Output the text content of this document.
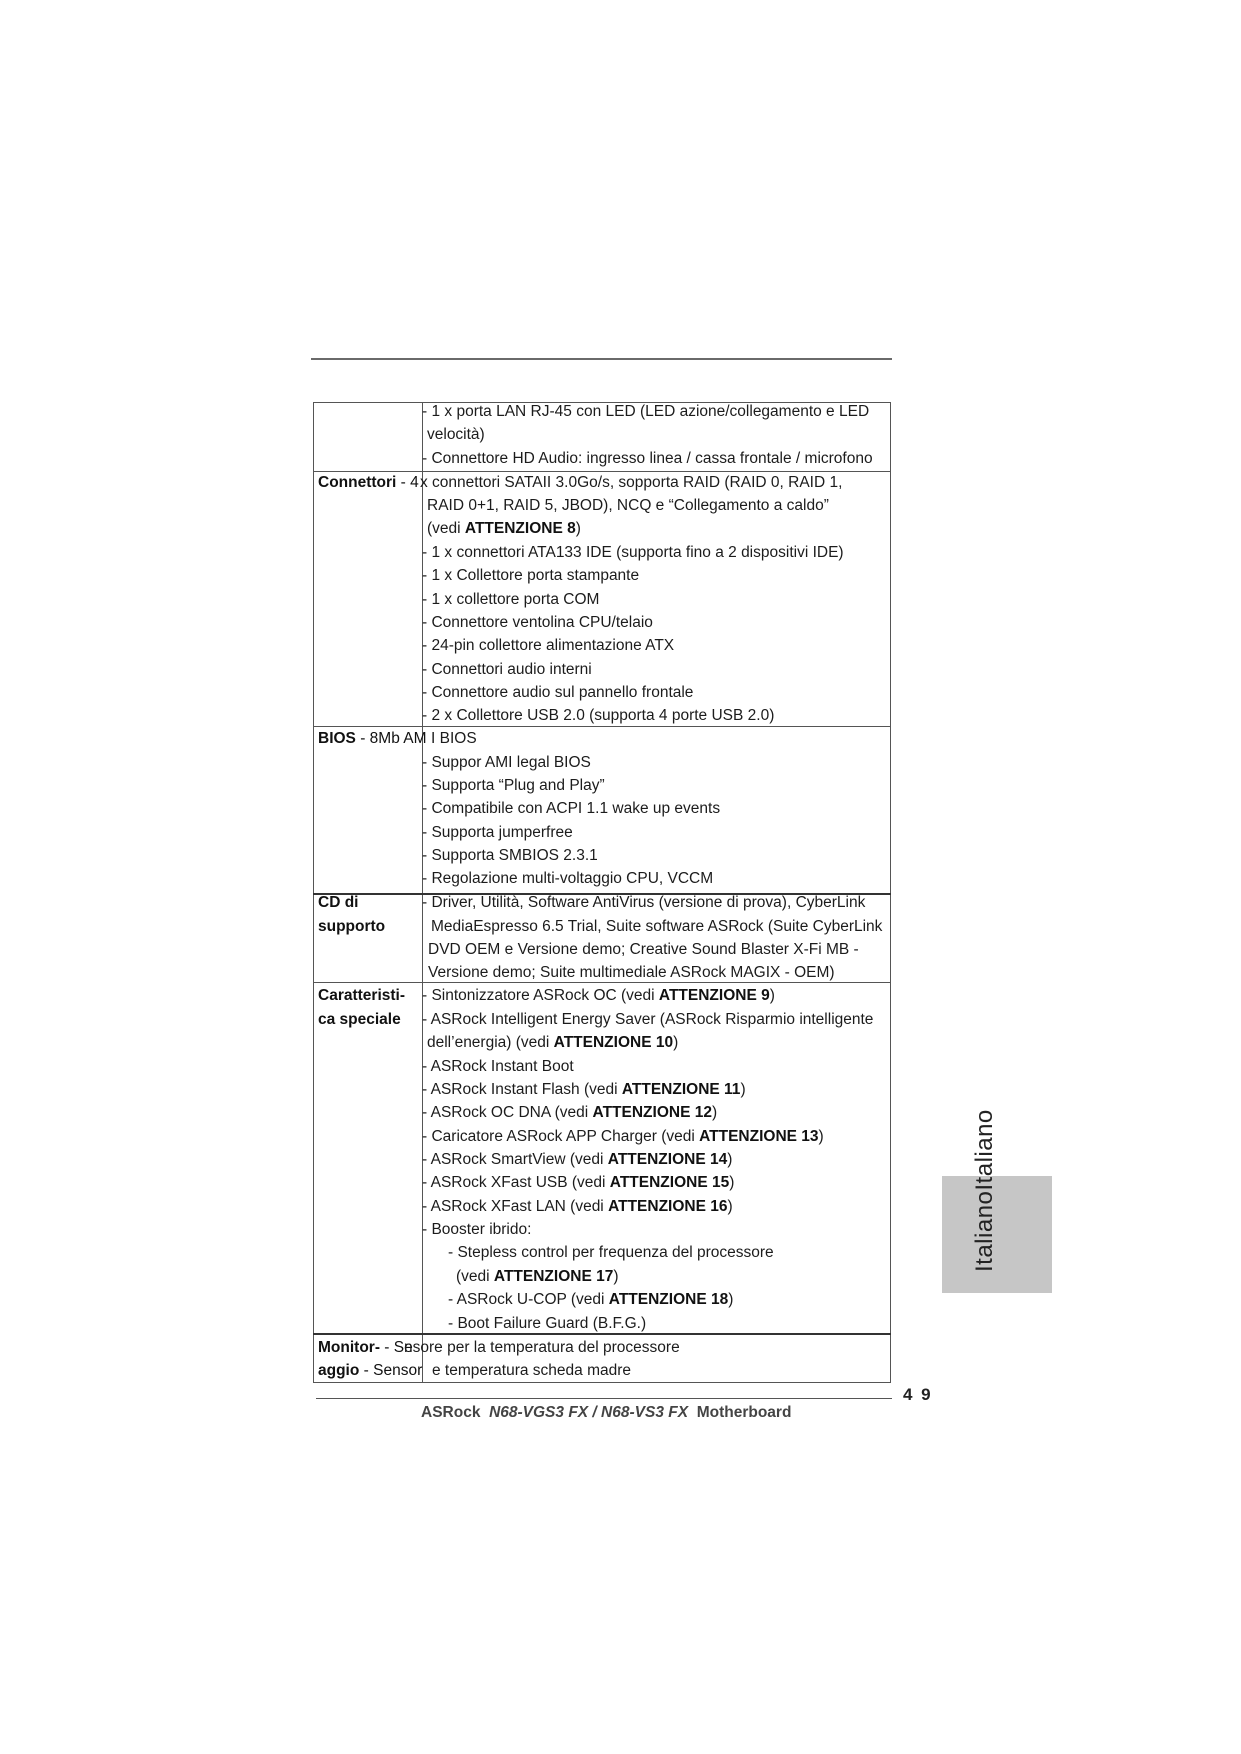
Connettori - 4
BIOS - 8Mb AM
CD di
supporto
Caratteristi-
ca speciale
Monitor- - Se
aggio - Sensor
- 1 x porta LAN RJ-45 con LED (LED azione/collegamento e LED
velocità)
- Connettore HD Audio: ingresso linea / cassa frontale / microfono
x connettori SATAII 3.0Go/s, sopporta RAID (RAID 0, RAID 1,
RAID 0+1, RAID 5, JBOD), NCQ e “Collegamento a caldo”
(vedi ATTENZIONE 8)
- 1 x connettori ATA133 IDE (supporta fino a 2 dispositivi IDE)
- 1 x Collettore porta stampante
- 1 x collettore porta COM
- Connettore ventolina CPU/telaio
- 24-pin collettore alimentazione ATX
- Connettori audio interni
- Connettore audio sul pannello frontale
- 2 x Collettore USB 2.0 (supporta 4 porte USB 2.0)
I BIOS
- Suppor AMI legal BIOS
- Supporta “Plug and Play”
- Compatibile con ACPI 1.1 wake up events
- Supporta jumperfree
- Supporta SMBIOS 2.3.1
- Regolazione multi-voltaggio CPU, VCCM
- Driver, Utilità, Software AntiVirus (versione di prova), CyberLink
MediaEspresso 6.5 Trial, Suite software ASRock (Suite CyberLink
DVD OEM e Versione demo; Creative Sound Blaster X-Fi MB -
Versione demo; Suite multimediale ASRock MAGIX - OEM)
- Sintonizzatore ASRock OC (vedi ATTENZIONE 9)
- ASRock Intelligent Energy Saver (ASRock Risparmio intelligente
dell’energia) (vedi ATTENZIONE 10)
- ASRock Instant Boot
- ASRock Instant Flash (vedi ATTENZIONE 11)
- ASRock OC DNA (vedi ATTENZIONE 12)
- Caricatore ASRock APP Charger (vedi ATTENZIONE 13)
- ASRock SmartView (vedi ATTENZIONE 14)
- ASRock XFast USB (vedi ATTENZIONE 15)
- ASRock XFast LAN (vedi ATTENZIONE 16)
- Booster ibrido:
- Stepless control per frequenza del processore
(vedi ATTENZIONE 17)
- ASRock U-COP (vedi ATTENZIONE 18)
- Boot Failure Guard (B.F.G.)
nsore per la temperatura del processore
e temperatura scheda madre
ItalianoItaliano
4 9
ASRock N68-VGS3 FX / N68-VS3 FX Motherboard
